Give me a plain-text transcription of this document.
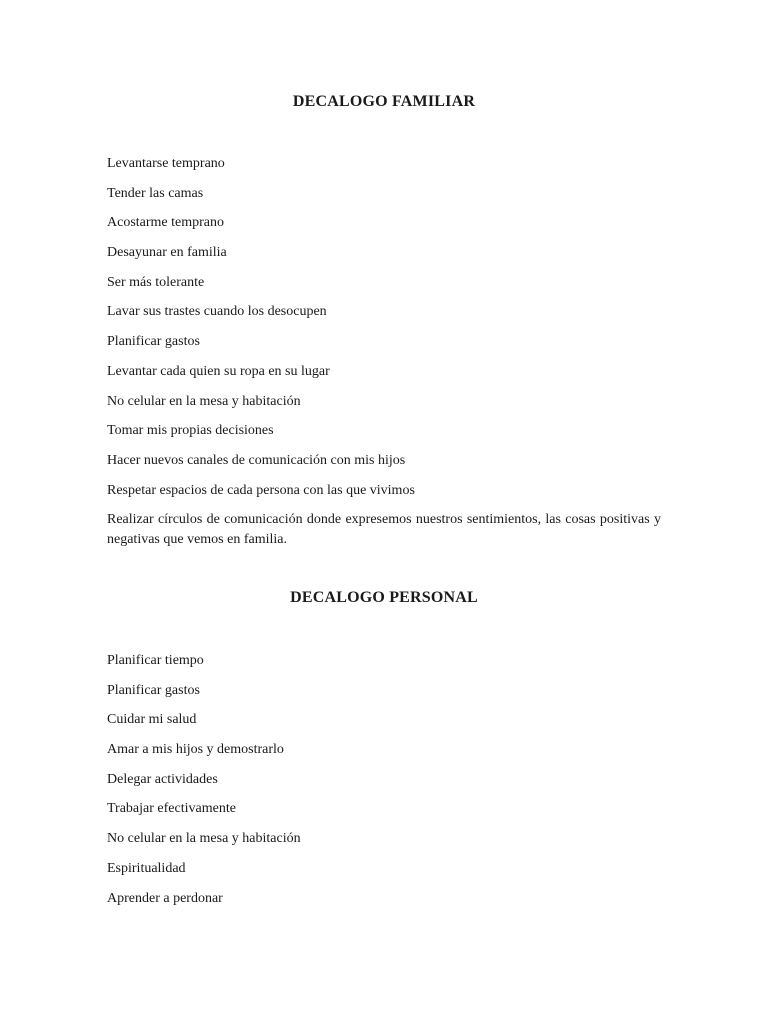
DECALOGO FAMILIAR
Levantarse temprano
Tender las camas
Acostarme temprano
Desayunar en familia
Ser más tolerante
Lavar sus trastes cuando los desocupen
Planificar gastos
Levantar cada quien su ropa en su lugar
No celular en la mesa y habitación
Tomar mis propias decisiones
Hacer nuevos canales de comunicación con mis hijos
Respetar espacios de cada persona con las que vivimos
Realizar círculos de comunicación donde expresemos nuestros sentimientos, las cosas positivas y negativas que vemos en familia.
DECALOGO PERSONAL
Planificar tiempo
Planificar gastos
Cuidar mi salud
Amar a mis hijos y demostrarlo
Delegar actividades
Trabajar efectivamente
No celular en la mesa y habitación
Espiritualidad
Aprender a perdonar
